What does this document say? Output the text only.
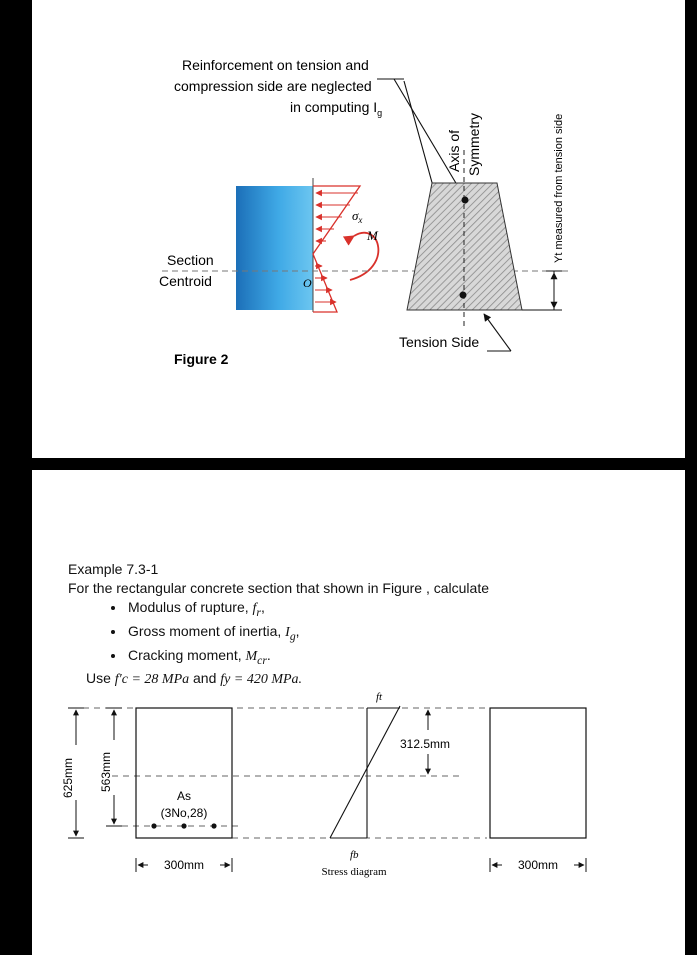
Reinforcement on tension and
compression side are neglected
in computing $I_g$
$\sigma_x$
M
O
Section
Centroid
Axis of Symmetry	Yt measured from tension side
Tension Side
Figure 2
Example 7.3-1
For the rectangular concrete section that shown in Figure , calculate
• Modulus of rupture, $f_r$,
• Gross moment of inertia, $I_g$,
• Cracking moment, $M_{cr}$.
Use f′c = 28 MPa and fy = 420 MPa.
625mm 563mm
As
(3No,28)
300mm
ft
fb
Stress diagram
312.5mm
300mm
